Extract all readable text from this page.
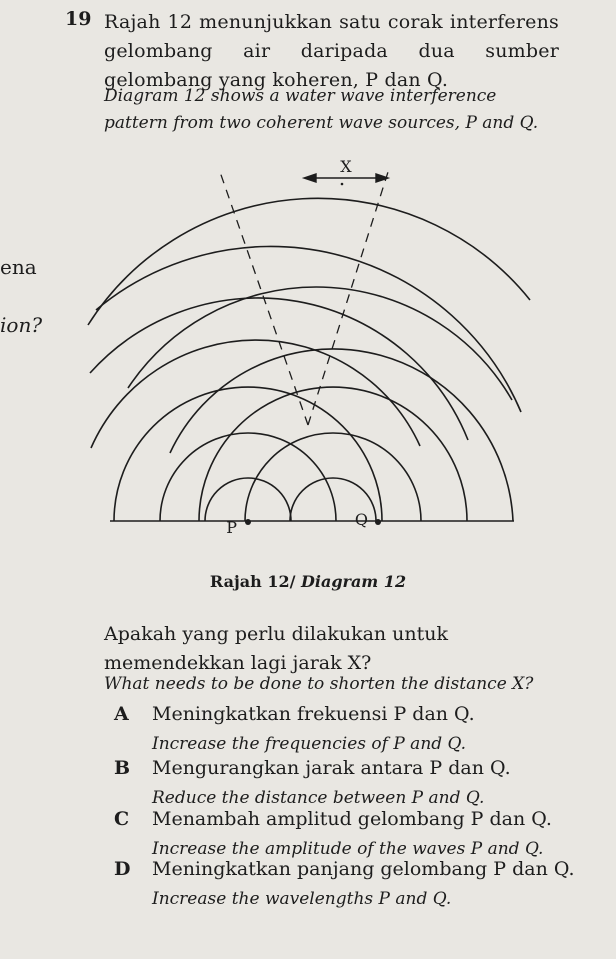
ena
ion?
19 Rajah 12 menunjukkan satu corak interferens gelombang air daripada dua sumber gelombang yang koheren, P dan Q.
Diagram 12 shows a water wave interference pattern from two coherent wave sources, P and Q.
X
P	Q
Rajah 12/ Diagram 12
Apakah yang perlu dilakukan untuk memendekkan lagi jarak X?
What needs to be done to shorten the distance X?
A Meningkatkan frekuensi P dan Q.
Increase the frequencies of P and Q.
B Mengurangkan jarak antara P dan Q.
Reduce the distance between P and Q.
C Menambah amplitud gelombang P dan Q.
Increase the amplitude of the waves P and Q.
D Meningkatkan panjang gelombang P dan Q.
Increase the wavelengths P and Q.
